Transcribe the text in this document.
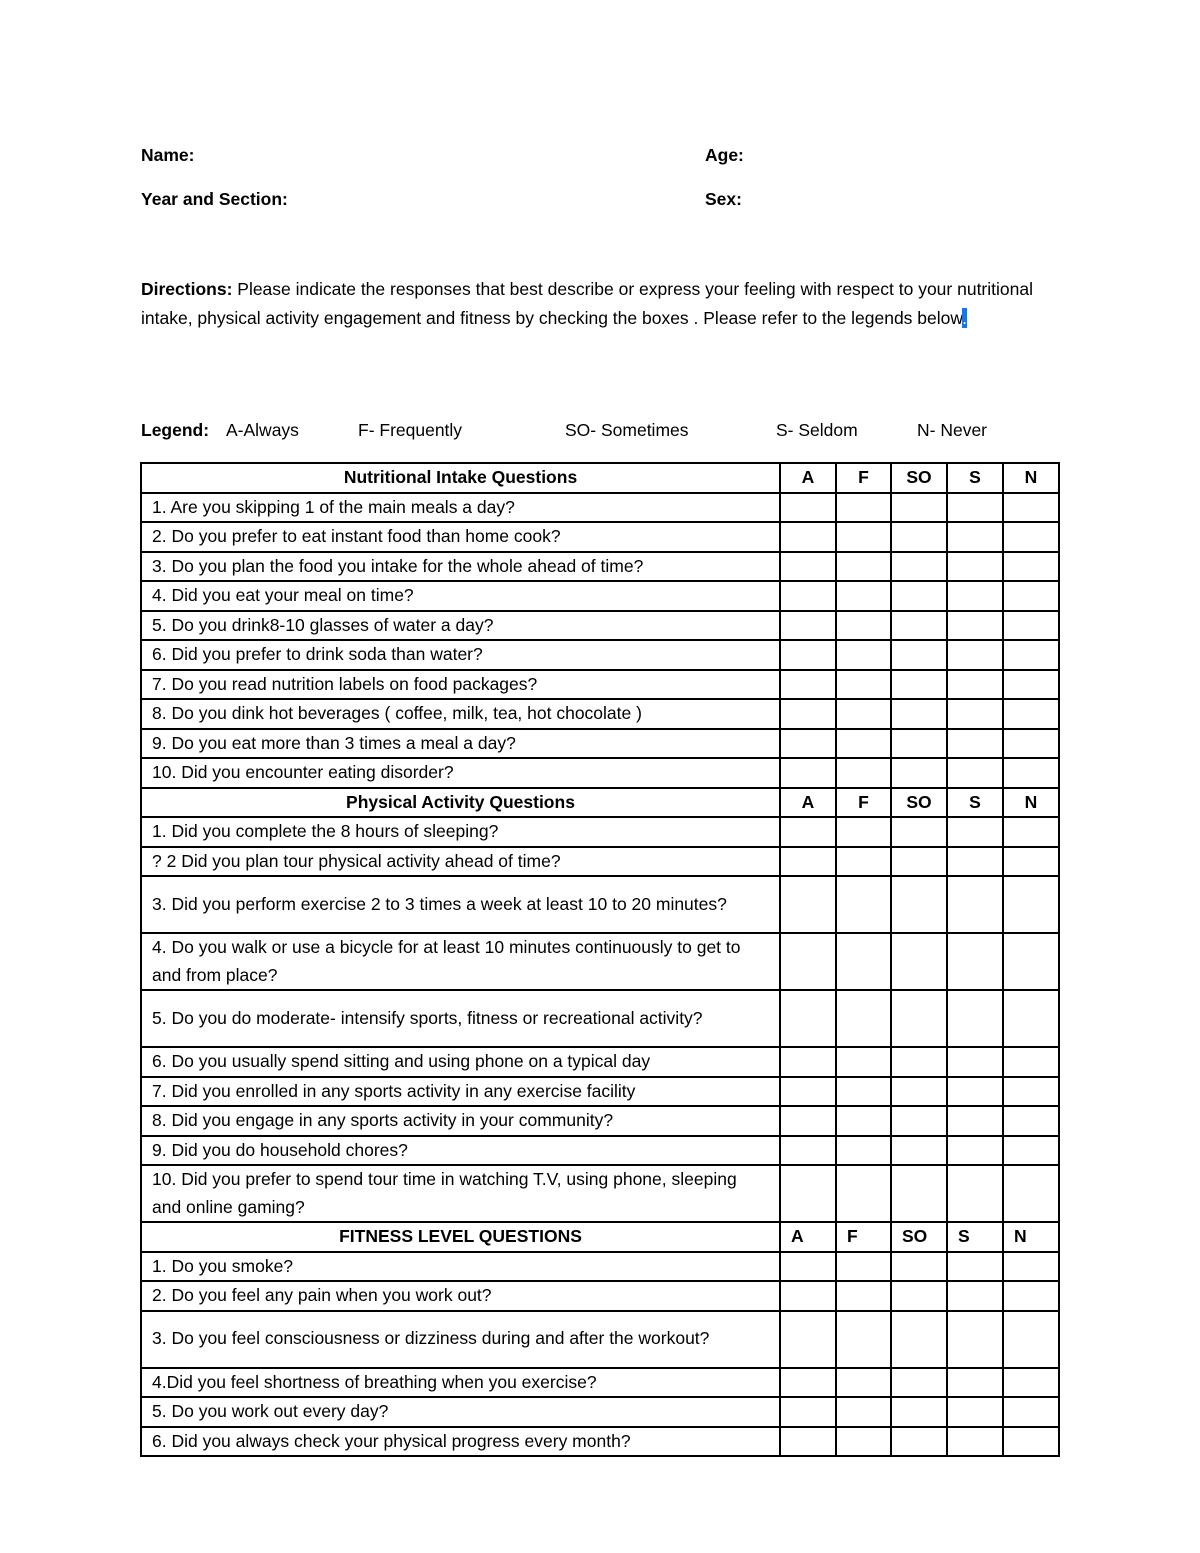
Name:	Age:
Year and Section:	Sex:
Directions: Please indicate the responses that best describe or express your feeling with respect to your nutritional intake, physical activity engagement and fitness by checking the boxes . Please refer to the legends below.
Legend: A-Always	F- Frequently	SO- Sometimes	S- Seldom	N- Never
Nutritional Intake Questions	A	F	SO	S	N
1. Are you skipping 1 of the main meals a day?					
2. Do you prefer to eat instant food than home cook?					
3. Do you plan the food you intake for the whole ahead of time?					
4. Did you eat your meal on time?					
5. Do you drink8-10 glasses of water a day?					
6. Did you prefer to drink soda than water?					
7. Do you read nutrition labels on food packages?					
8. Do you dink hot beverages ( coffee, milk, tea, hot chocolate )					
9. Do you eat more than 3 times a meal a day?					
10. Did you encounter eating disorder?					
Physical Activity Questions	A	F	SO	S	N
1. Did you complete the 8 hours of sleeping?					
? 2 Did you plan tour physical activity ahead of time?					
3. Did you perform exercise 2 to 3 times a week at least 10 to 20 minutes?					
4. Do you walk or use a bicycle for at least 10 minutes continuously to get to and from place?					
5. Do you do moderate- intensify sports, fitness or recreational activity?					
6. Do you usually spend sitting and using phone on a typical day					
7. Did you enrolled in any sports activity in any exercise facility					
8. Did you engage in any sports activity in your community?					
9. Did you do household chores?					
10. Did you prefer to spend tour time in watching T.V, using phone, sleeping and online gaming?					
FITNESS LEVEL QUESTIONS	A	F	SO	S	N
1. Do you smoke?					
2. Do you feel any pain when you work out?					
3. Do you feel consciousness or dizziness during and after the workout?					
4.Did you feel shortness of breathing when you exercise?					
5. Do you work out every day?					
6. Did you always check your physical progress every month?					
